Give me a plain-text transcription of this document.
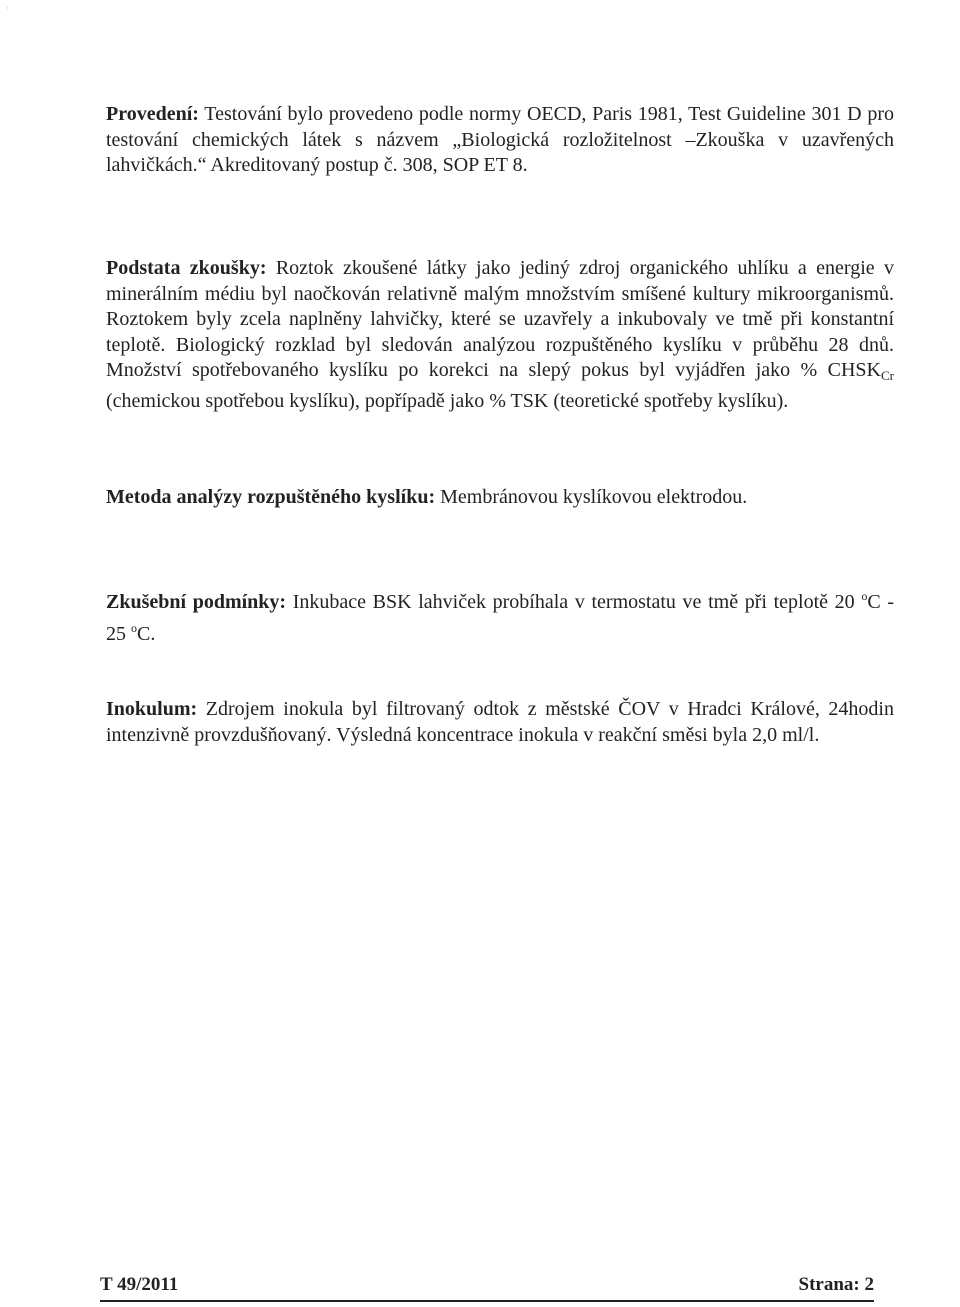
·

Provedení: Testování bylo provedeno podle normy OECD, Paris 1981, Test Guideline 301 D pro testování chemických látek s názvem „Biologická rozložitelnost –Zkouška v uzavřených lahvičkách.“ Akreditovaný postup č. 308, SOP ET 8.

Podstata zkoušky: Roztok zkoušené látky jako jediný zdroj organického uhlíku a energie v minerálním médiu byl naočkován relativně malým množstvím smíšené kultury mikroorganismů. Roztokem byly zcela naplněny lahvičky, které se uzavřely a inkubovaly ve tmě při konstantní teplotě. Biologický rozklad byl sledován analýzou rozpuštěného kyslíku v průběhu 28 dnů. Množství spotřebovaného kyslíku po korekci na slepý pokus byl vyjádřen jako % $CHSK_{Cr}$ (chemickou spotřebou kyslíku), popřípadě jako % TSK (teoretické spotřeby kyslíku).

Metoda analýzy rozpuštěného kyslíku: Membránovou kyslíkovou elektrodou.

Zkušební podmínky: Inkubace BSK lahviček probíhala v termostatu ve tmě při teplotě 20 $^o$C - 25 $^o$C.

Inokulum: Zdrojem inokula byl filtrovaný odtok z městské ČOV v Hradci Králové, 24hodin intenzivně provzdušňovaný. Výsledná koncentrace inokula v reakční směsi byla 2,0 ml/l.

T 49/2011	Strana: 2
